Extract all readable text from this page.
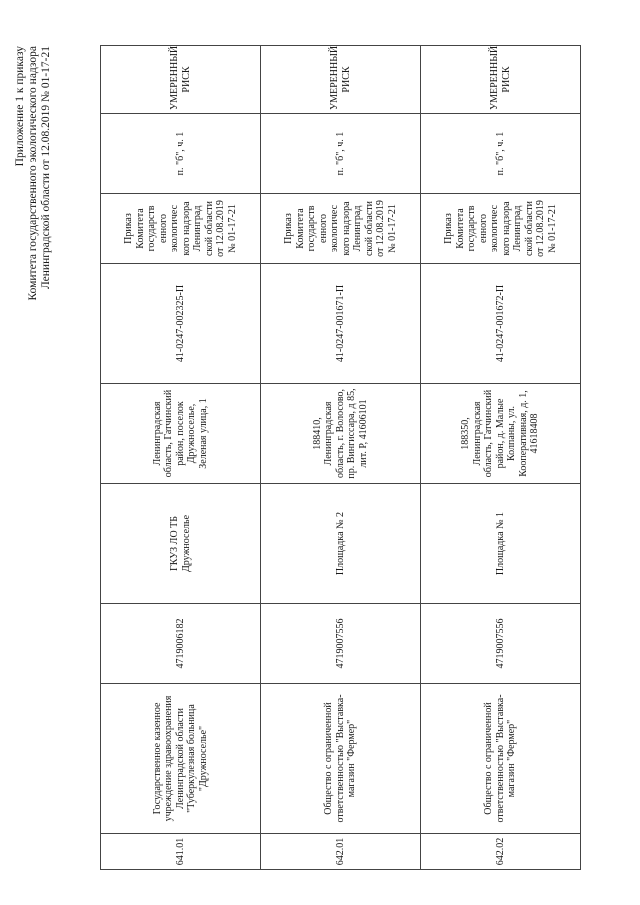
Приложение 1 к приказу Комитета государственного экологического надзора Ленинградской области от 12.08.2019 № 01-17-21
641.01	Государственное казенное учреждение здравоохранения Ленинградской области "Туберкулезная больница "Дружноселье"	4719006182	ГКУЗ ЛО ТБ Дружноселье	Ленинградская область, Гатчинский район, поселок Дружноселье, Зеленая улица, 1	41-0247-002325-П	Приказ Комитета государств енного экологичес кого надзора Ленинград ской области от 12.08.2019 № 01-17-21	п. "б", ч. 1	УМЕРЕННЫЙ РИСК
642.01	Общество с ограниченной ответственностью "Выставка-магазин "Фермер"	4719007556	Площадка № 2	188410, Ленинградская область, г. Волосово, пр. Вингиссара, д 85, лит. Р, 41606101	41-0247-001671-П	Приказ Комитета государств енного экологичес кого надзора Ленинград ской области от 12.08.2019 № 01-17-21	п. "б", ч. 1	УМЕРЕННЫЙ РИСК
642.02	Общество с ограниченной ответственностью "Выставка-магазин "Фермер"	4719007556	Площадка № 1	188350, Ленинградская область, Гатчинский район, д. Малые Колпаны, ул. Кооперативная, д. 1, 41618408	41-0247-001672-П	Приказ Комитета государств енного экологичес кого надзора Ленинград ской области от 12.08.2019 № 01-17-21	п. "б", ч. 1	УМЕРЕННЫЙ РИСК
